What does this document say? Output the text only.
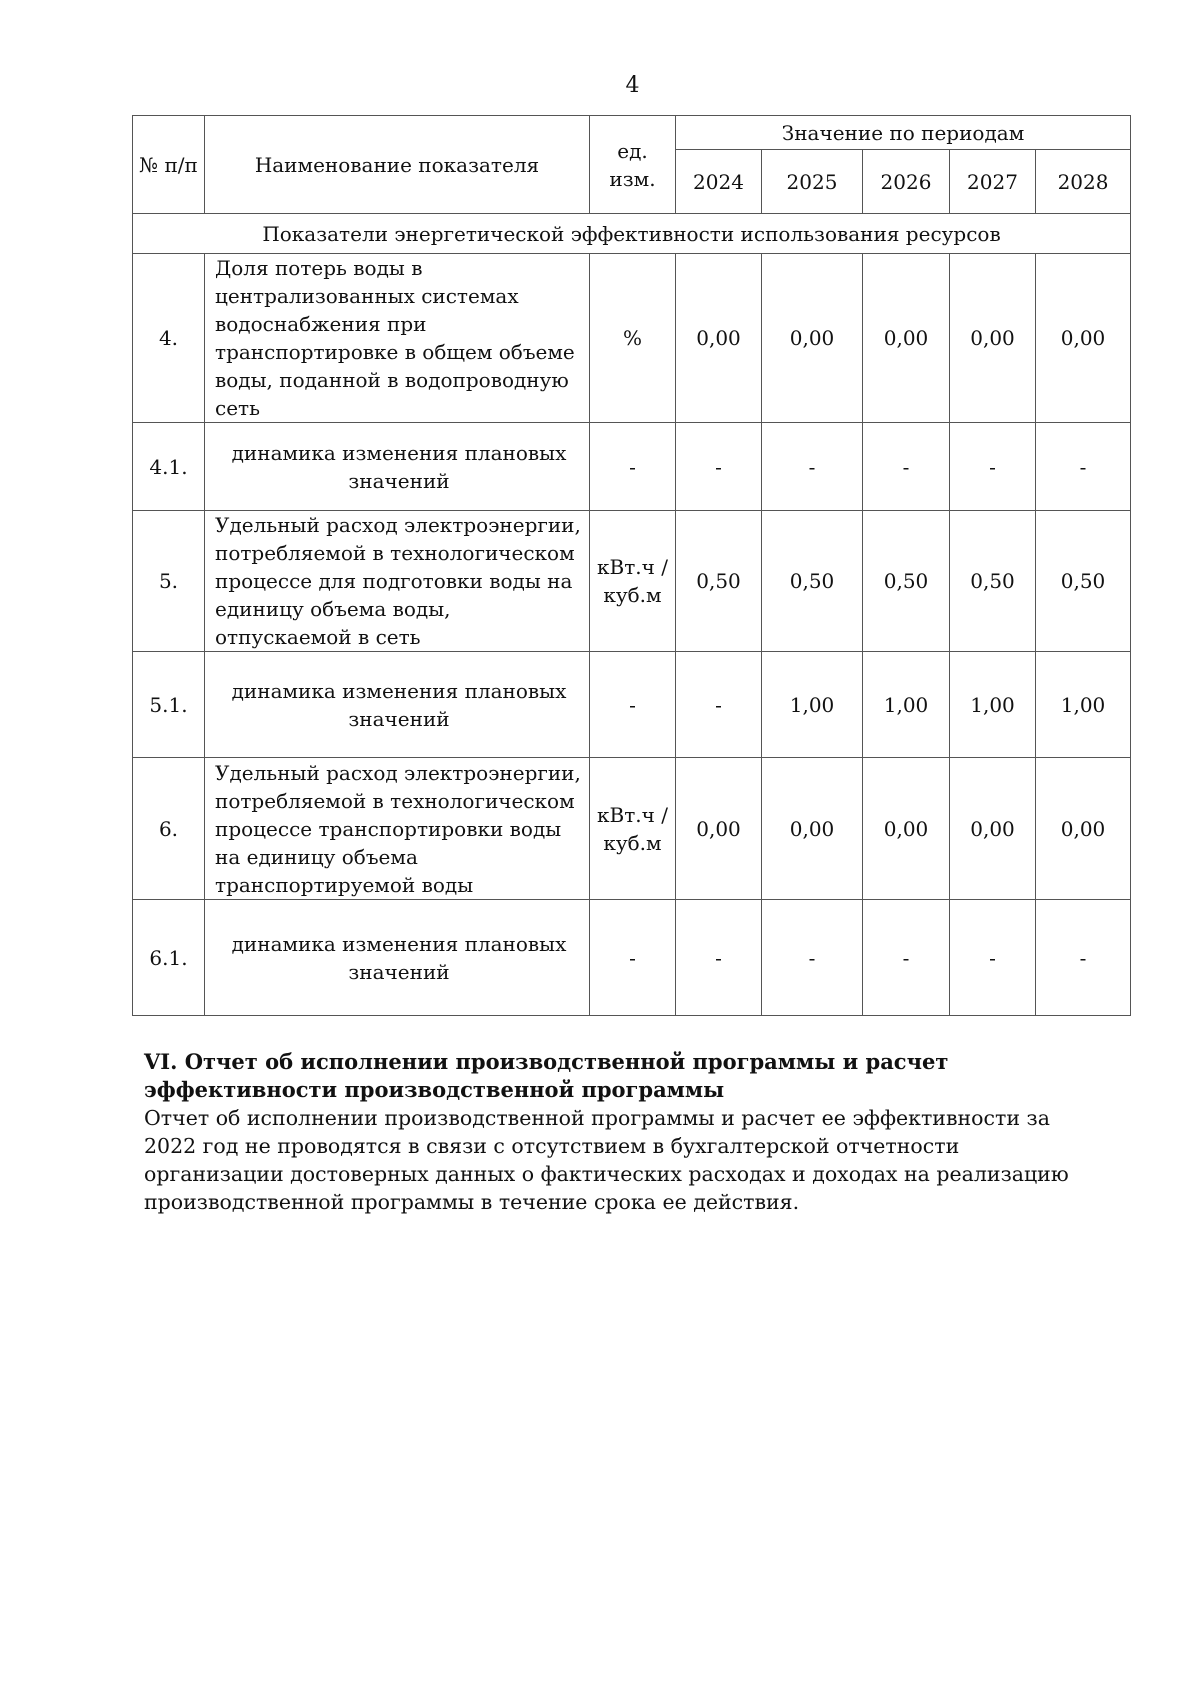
4
№ п/п	Наименование показателя	ед. изм.	Значение по периодам				
			2024	2025	2026	2027	2028
Показатели энергетической эффективности использования ресурсов							
4.	Доля потерь воды в централизованных системах водоснабжения при транспортировке в общем объеме воды, поданной в водопроводную сеть	%	0,00	0,00	0,00	0,00	0,00
4.1.	динамика изменения плановых значений	-	-	-	-	-	-
5.	Удельный расход электроэнергии, потребляемой в технологическом процессе для подготовки воды на единицу объема воды, отпускаемой в сеть	кВт.ч / куб.м	0,50	0,50	0,50	0,50	0,50
5.1.	динамика изменения плановых значений	-	-	1,00	1,00	1,00	1,00
6.	Удельный расход электроэнергии, потребляемой в технологическом процессе транспортировки воды на единицу объема транспортируемой воды	кВт.ч / куб.м	0,00	0,00	0,00	0,00	0,00
6.1.	динамика изменения плановых значений	-	-	-	-	-	-

VI. Отчет об исполнении производственной программы и расчет эффективности производственной программы

Отчет об исполнении производственной программы и расчет ее эффективности за 2022 год не проводятся в связи с отсутствием в бухгалтерской отчетности организации достоверных данных о фактических расходах и доходах на реализацию производственной программы в течение срока ее действия.
